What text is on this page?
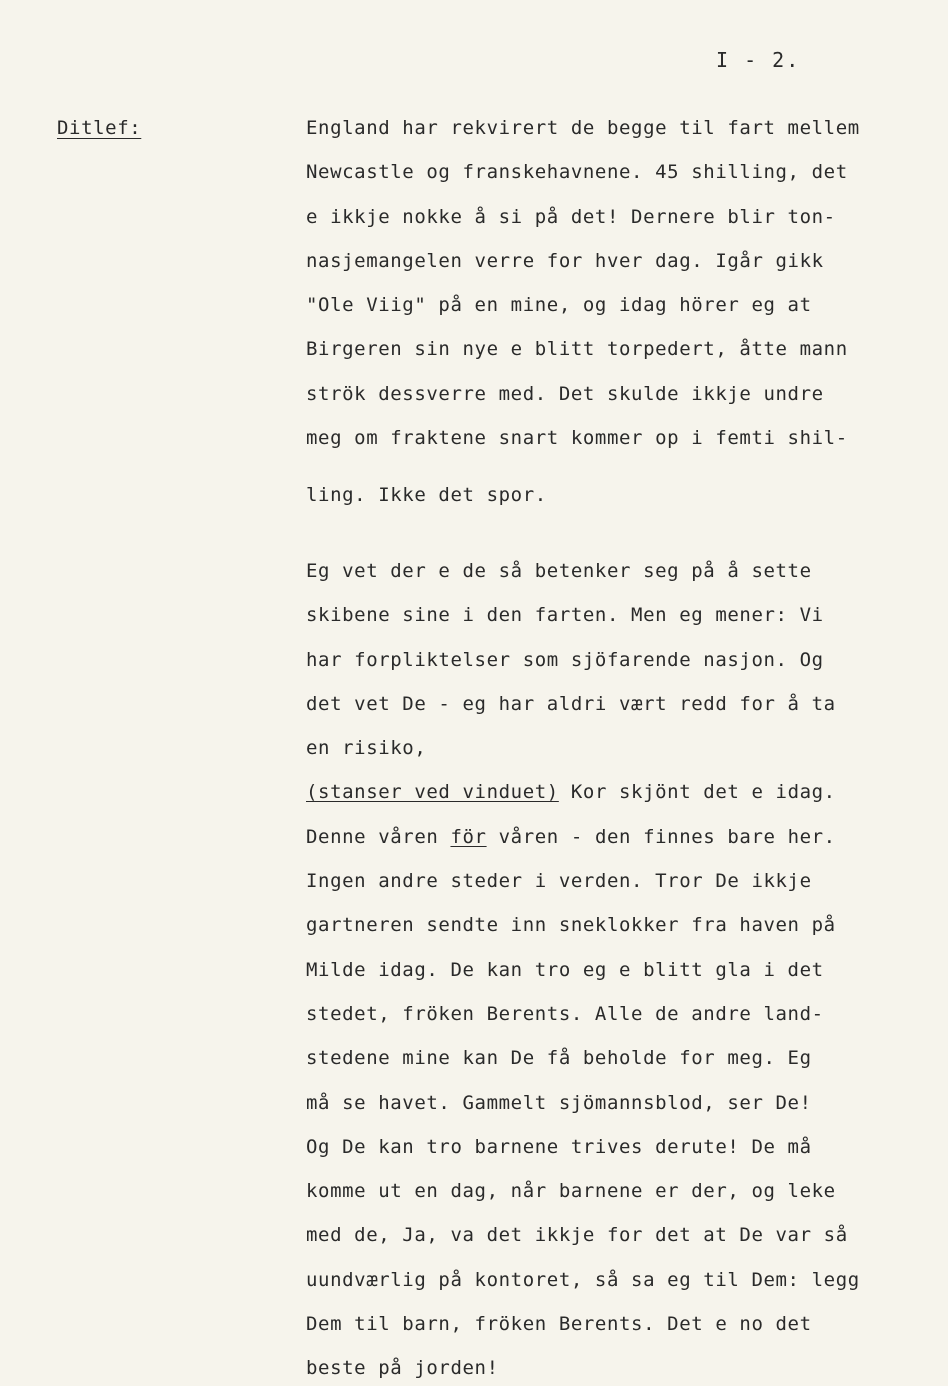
I - 2.
Ditlef:	England har rekvirert de begge til fart mellem
Newcastle og franskehavnene. 45 shilling, det
e ikkje nokke å si på det! Dernere blir ton-
nasjemangelen verre for hver dag. Igår gikk
"Ole Viig" på en mine, og idag hörer eg at
Birgeren sin nye e blitt torpedert, åtte mann
strök dessverre med. Det skulde ikkje undre
meg om fraktene snart kommer op i femti shil-
ling. Ikke det spor.
Eg vet der e de så betenker seg på å sette
skibene sine i den farten. Men eg mener: Vi
har forpliktelser som sjöfarende nasjon. Og
det vet De - eg har aldri vært redd for å ta
en risiko,
(stanser ved vinduet) Kor skjönt det e idag.
Denne våren för våren - den finnes bare her.
Ingen andre steder i verden. Tror De ikkje
gartneren sendte inn sneklokker fra haven på
Milde idag. De kan tro eg e blitt gla i det
stedet, fröken Berents. Alle de andre land-
stedene mine kan De få beholde for meg. Eg
må se havet. Gammelt sjömannsblod, ser De!
Og De kan tro barnene trives derute! De må
komme ut en dag, når barnene er der, og leke
med de, Ja, va det ikkje for det at De var så
uundværlig på kontoret, så sa eg til Dem: legg
Dem til barn, fröken Berents. Det e no det
beste på jorden!
